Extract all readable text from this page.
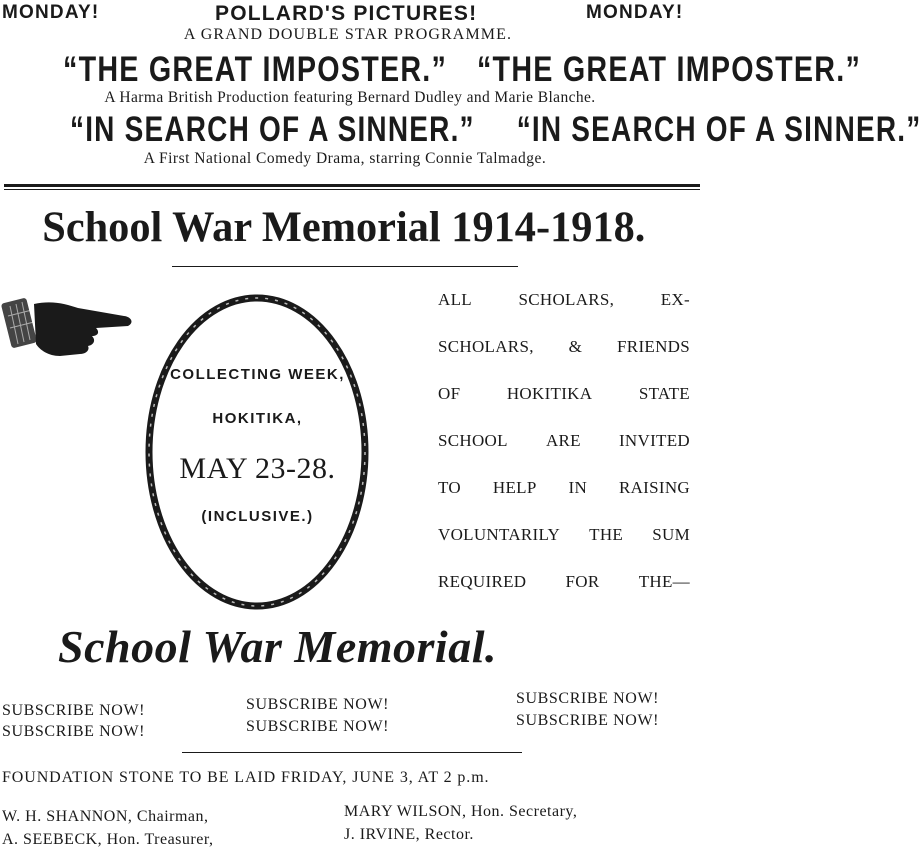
MONDAY!	POLLARD'S PICTURES!	MONDAY!
A GRAND DOUBLE STAR PROGRAMME.
“THE GREAT IMPOSTER.” “THE GREAT IMPOSTER.”
A Harma British Production featuring Bernard Dudley and Marie Blanche.
“IN SEARCH OF A SINNER.” “IN SEARCH OF A SINNER.”
A First National Comedy Drama, starring Connie Talmadge.
School War Memorial 1914-1918.
COLLECTING WEEK,
HOKITIKA,
MAY 23-28.
(INCLUSIVE.)
ALL	SCHOLARS,	EX-
SCHOLARS, & FRIENDS
OF	HOKITIKA	STATE
SCHOOL ARE INVITED
TO HELP IN RAISING
VOLUNTARILY THE SUM
REQUIRED FOR THE—
School War Memorial.
SUBSCRIBE NOW!
SUBSCRIBE NOW!
SUBSCRIBE NOW!
SUBSCRIBE NOW!
SUBSCRIBE NOW!
SUBSCRIBE NOW!
FOUNDATION STONE TO BE LAID FRIDAY, JUNE 3, AT 2 p.m.
W. H. SHANNON, Chairman,
A. SEEBECK, Hon. Treasurer,
MARY WILSON, Hon. Secretary,
J. IRVINE, Rector.
